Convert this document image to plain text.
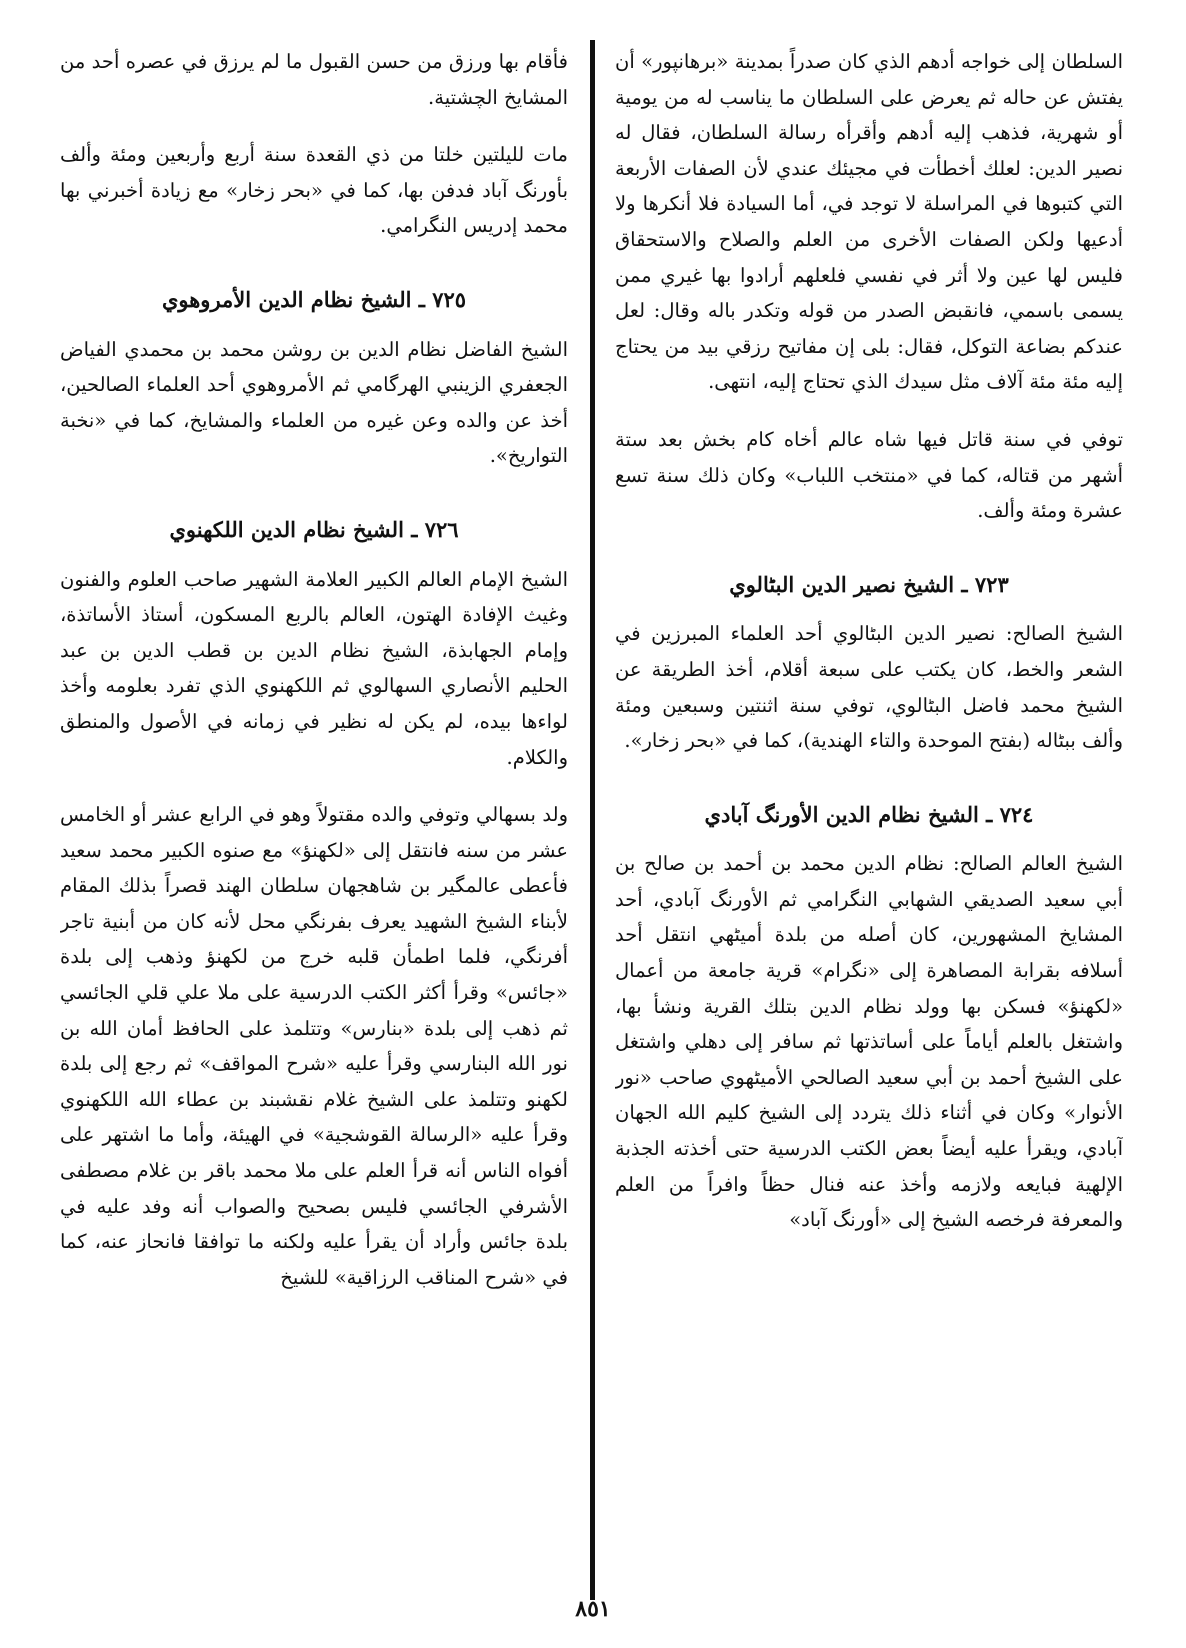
السلطان إلى خواجه أدهم الذي كان صدراً بمدينة «برهانپور» أن يفتش عن حاله ثم يعرض على السلطان ما يناسب له من يومية أو شهرية، فذهب إليه أدهم وأقرأه رسالة السلطان، فقال له نصير الدين: لعلك أخطأت في مجيئك عندي لأن الصفات الأربعة التي كتبوها في المراسلة لا توجد في، أما السيادة فلا أنكرها ولا أدعيها ولكن الصفات الأخرى من العلم والصلاح والاستحقاق فليس لها عين ولا أثر في نفسي فلعلهم أرادوا بها غيري ممن يسمى باسمي، فانقبض الصدر من قوله وتكدر باله وقال: لعل عندكم بضاعة التوكل، فقال: بلى إن مفاتيح رزقي بيد من يحتاج إليه مئة مئة آلاف مثل سيدك الذي تحتاج إليه، انتهى.

توفي في سنة قاتل فيها شاه عالم أخاه كام بخش بعد ستة أشهر من قتاله، كما في «منتخب اللباب» وكان ذلك سنة تسع عشرة ومئة وألف.

٧٢٣ ـ الشيخ نصير الدين البٹالوي

الشيخ الصالح: نصير الدين البٹالوي أحد العلماء المبرزين في الشعر والخط، كان يكتب على سبعة أقلام، أخذ الطريقة عن الشيخ محمد فاضل البٹالوي، توفي سنة اثنتين وسبعين ومئة وألف ببٹاله (بفتح الموحدة والتاء الهندية)، كما في «بحر زخار».

٧٢٤ ـ الشيخ نظام الدين الأورنگ آبادي

الشيخ العالم الصالح: نظام الدين محمد بن أحمد بن صالح بن أبي سعيد الصديقي الشهابي النگرامي ثم الأورنگ آبادي، أحد المشايخ المشهورين، كان أصله من بلدة أميٹهي انتقل أحد أسلافه بقرابة المصاهرة إلى «نگرام» قرية جامعة من أعمال «لكهنؤ» فسكن بها وولد نظام الدين بتلك القرية ونشأ بها، واشتغل بالعلم أياماً على أساتذتها ثم سافر إلى دهلي واشتغل على الشيخ أحمد بن أبي سعيد الصالحي الأميٹهوي صاحب «نور الأنوار» وكان في أثناء ذلك يتردد إلى الشيخ كليم الله الجهان آبادي، ويقرأ عليه أيضاً بعض الكتب الدرسية حتى أخذته الجذبة الإلهية فبايعه ولازمه وأخذ عنه فنال حظاً وافراً من العلم والمعرفة فرخصه الشيخ إلى «أورنگ آباد»

فأقام بها ورزق من حسن القبول ما لم يرزق في عصره أحد من المشايخ الچشتية.

مات لليلتين خلتا من ذي القعدة سنة أربع وأربعين ومئة وألف بأورنگ آباد فدفن بها، كما في «بحر زخار» مع زيادة أخبرني بها محمد إدريس النگرامي.

٧٢٥ ـ الشيخ نظام الدين الأمروهوي

الشيخ الفاضل نظام الدين بن روشن محمد بن محمدي الفياض الجعفري الزينبي الهرگامي ثم الأمروهوي أحد العلماء الصالحين، أخذ عن والده وعن غيره من العلماء والمشايخ، كما في «نخبة التواريخ».

٧٢٦ ـ الشيخ نظام الدين اللكهنوي

الشيخ الإمام العالم الكبير العلامة الشهير صاحب العلوم والفنون وغيث الإفادة الهتون، العالم بالربع المسكون، أستاذ الأساتذة، وإمام الجهابذة، الشيخ نظام الدين بن قطب الدين بن عبد الحليم الأنصاري السهالوي ثم اللكهنوي الذي تفرد بعلومه وأخذ لواءها بيده، لم يكن له نظير في زمانه في الأصول والمنطق والكلام.

ولد بسهالي وتوفي والده مقتولاً وهو في الرابع عشر أو الخامس عشر من سنه فانتقل إلى «لكهنؤ» مع صنوه الكبير محمد سعيد فأعطى عالمگير بن شاهجهان سلطان الهند قصراً بذلك المقام لأبناء الشيخ الشهيد يعرف بفرنگي محل لأنه كان من أبنية تاجر أفرنگي، فلما اطمأن قلبه خرج من لكهنؤ وذهب إلى بلدة «جائس» وقرأ أكثر الكتب الدرسية على ملا علي قلي الجائسي ثم ذهب إلى بلدة «بنارس» وتتلمذ على الحافظ أمان الله بن نور الله البنارسي وقرأ عليه «شرح المواقف» ثم رجع إلى بلدة لكهنو وتتلمذ على الشيخ غلام نقشبند بن عطاء الله اللكهنوي وقرأ عليه «الرسالة القوشجية» في الهيئة، وأما ما اشتهر على أفواه الناس أنه قرأ العلم على ملا محمد باقر بن غلام مصطفى الأشرفي الجائسي فليس بصحيح والصواب أنه وفد عليه في بلدة جائس وأراد أن يقرأ عليه ولكنه ما توافقا فانحاز عنه، كما في «شرح المناقب الرزاقية» للشيخ

٨٥١
